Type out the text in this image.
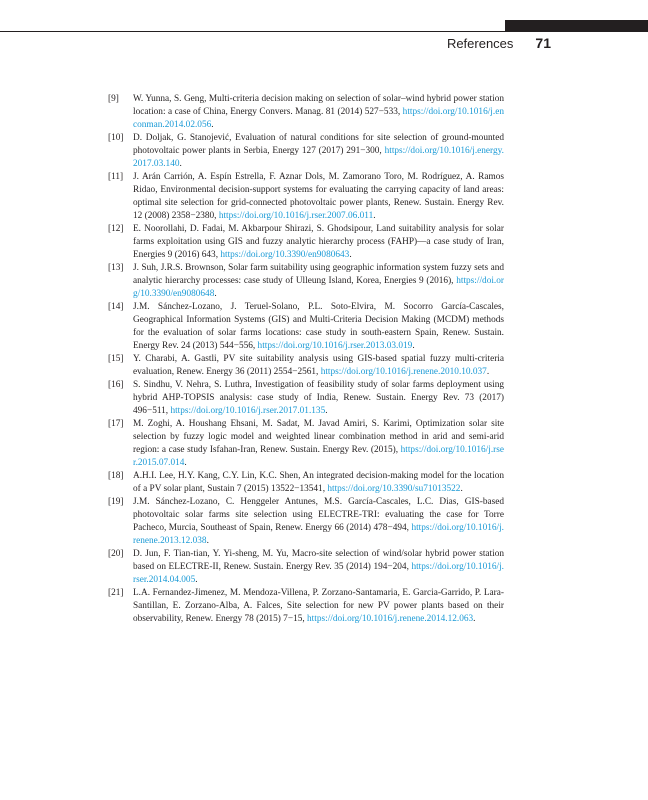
References 71
[9] W. Yunna, S. Geng, Multi-criteria decision making on selection of solar–wind hybrid power station location: a case of China, Energy Convers. Manag. 81 (2014) 527−533, https://doi.org/10.1016/j.enconman.2014.02.056.
[10] D. Doljak, G. Stanojević, Evaluation of natural conditions for site selection of ground-mounted photovoltaic power plants in Serbia, Energy 127 (2017) 291−300, https://doi.org/10.1016/j.energy.2017.03.140.
[11] J. Arán Carrión, A. Espín Estrella, F. Aznar Dols, M. Zamorano Toro, M. Rodríguez, A. Ramos Ridao, Environmental decision-support systems for evaluating the carrying capacity of land areas: optimal site selection for grid-connected photovoltaic power plants, Renew. Sustain. Energy Rev. 12 (2008) 2358−2380, https://doi.org/10.1016/j.rser.2007.06.011.
[12] E. Noorollahi, D. Fadai, M. Akbarpour Shirazi, S. Ghodsipour, Land suitability analysis for solar farms exploitation using GIS and fuzzy analytic hierarchy process (FAHP)—a case study of Iran, Energies 9 (2016) 643, https://doi.org/10.3390/en9080643.
[13] J. Suh, J.R.S. Brownson, Solar farm suitability using geographic information system fuzzy sets and analytic hierarchy processes: case study of Ulleung Island, Korea, Energies 9 (2016), https://doi.org/10.3390/en9080648.
[14] J.M. Sánchez-Lozano, J. Teruel-Solano, P.L. Soto-Elvira, M. Socorro García-Cascales, Geographical Information Systems (GIS) and Multi-Criteria Decision Making (MCDM) methods for the evaluation of solar farms locations: case study in south-eastern Spain, Renew. Sustain. Energy Rev. 24 (2013) 544−556, https://doi.org/10.1016/j.rser.2013.03.019.
[15] Y. Charabi, A. Gastli, PV site suitability analysis using GIS-based spatial fuzzy multi-criteria evaluation, Renew. Energy 36 (2011) 2554−2561, https://doi.org/10.1016/j.renene.2010.10.037.
[16] S. Sindhu, V. Nehra, S. Luthra, Investigation of feasibility study of solar farms deployment using hybrid AHP-TOPSIS analysis: case study of India, Renew. Sustain. Energy Rev. 73 (2017) 496−511, https://doi.org/10.1016/j.rser.2017.01.135.
[17] M. Zoghi, A. Houshang Ehsani, M. Sadat, M. Javad Amiri, S. Karimi, Optimization solar site selection by fuzzy logic model and weighted linear combination method in arid and semi-arid region: a case study Isfahan-Iran, Renew. Sustain. Energy Rev. (2015), https://doi.org/10.1016/j.rser.2015.07.014.
[18] A.H.I. Lee, H.Y. Kang, C.Y. Lin, K.C. Shen, An integrated decision-making model for the location of a PV solar plant, Sustain 7 (2015) 13522−13541, https://doi.org/10.3390/su71013522.
[19] J.M. Sánchez-Lozano, C. Henggeler Antunes, M.S. García-Cascales, L.C. Dias, GIS-based photovoltaic solar farms site selection using ELECTRE-TRI: evaluating the case for Torre Pacheco, Murcia, Southeast of Spain, Renew. Energy 66 (2014) 478−494, https://doi.org/10.1016/j.renene.2013.12.038.
[20] D. Jun, F. Tian-tian, Y. Yi-sheng, M. Yu, Macro-site selection of wind/solar hybrid power station based on ELECTRE-II, Renew. Sustain. Energy Rev. 35 (2014) 194−204, https://doi.org/10.1016/j.rser.2014.04.005.
[21] L.A. Fernandez-Jimenez, M. Mendoza-Villena, P. Zorzano-Santamaria, E. Garcia-Garrido, P. Lara-Santillan, E. Zorzano-Alba, A. Falces, Site selection for new PV power plants based on their observability, Renew. Energy 78 (2015) 7−15, https://doi.org/10.1016/j.renene.2014.12.063.
